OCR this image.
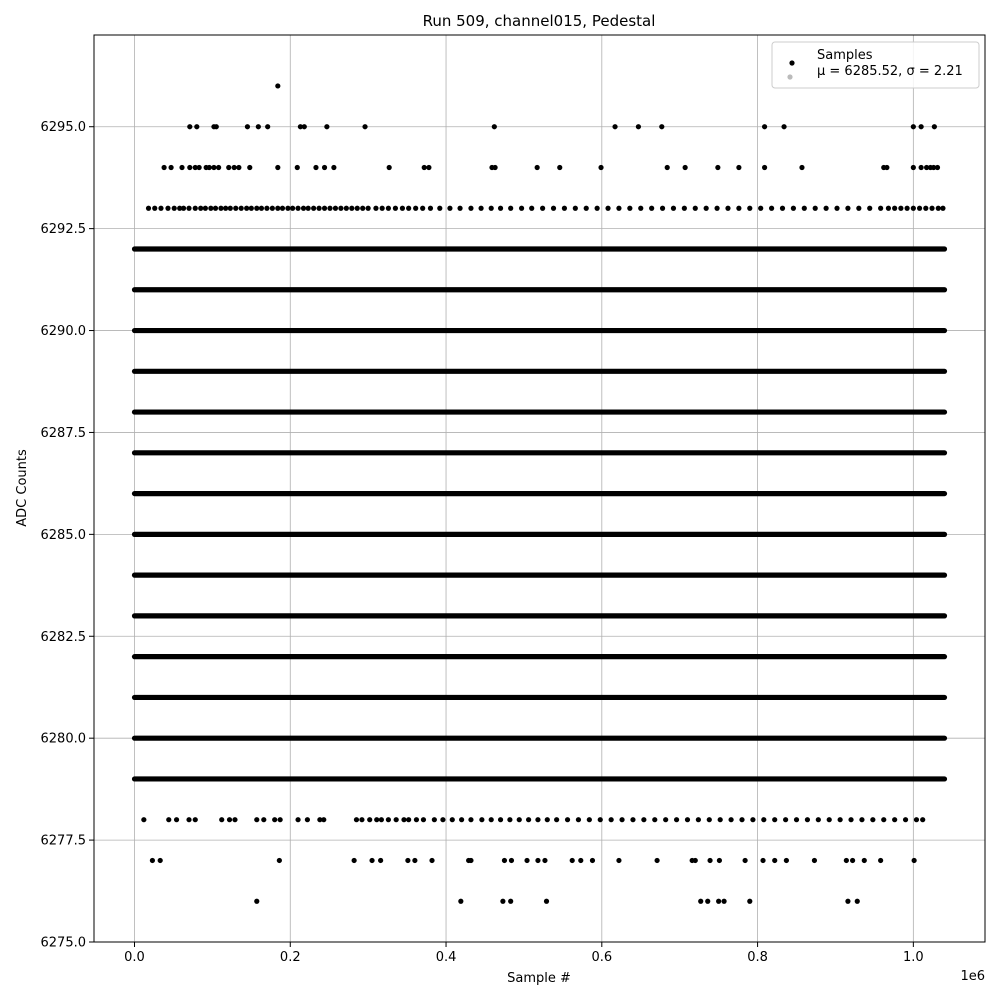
0.0	0.2	0.4	0.6	0.8	1.0
6275.0
6277.5
6280.0
6282.5
6285.0
6287.5
6290.0
6292.5
6295.0
Run 509, channel015, Pedestal
Sample #
ADC Counts
1e6
Samples
μ = 6285.52, σ = 2.21
